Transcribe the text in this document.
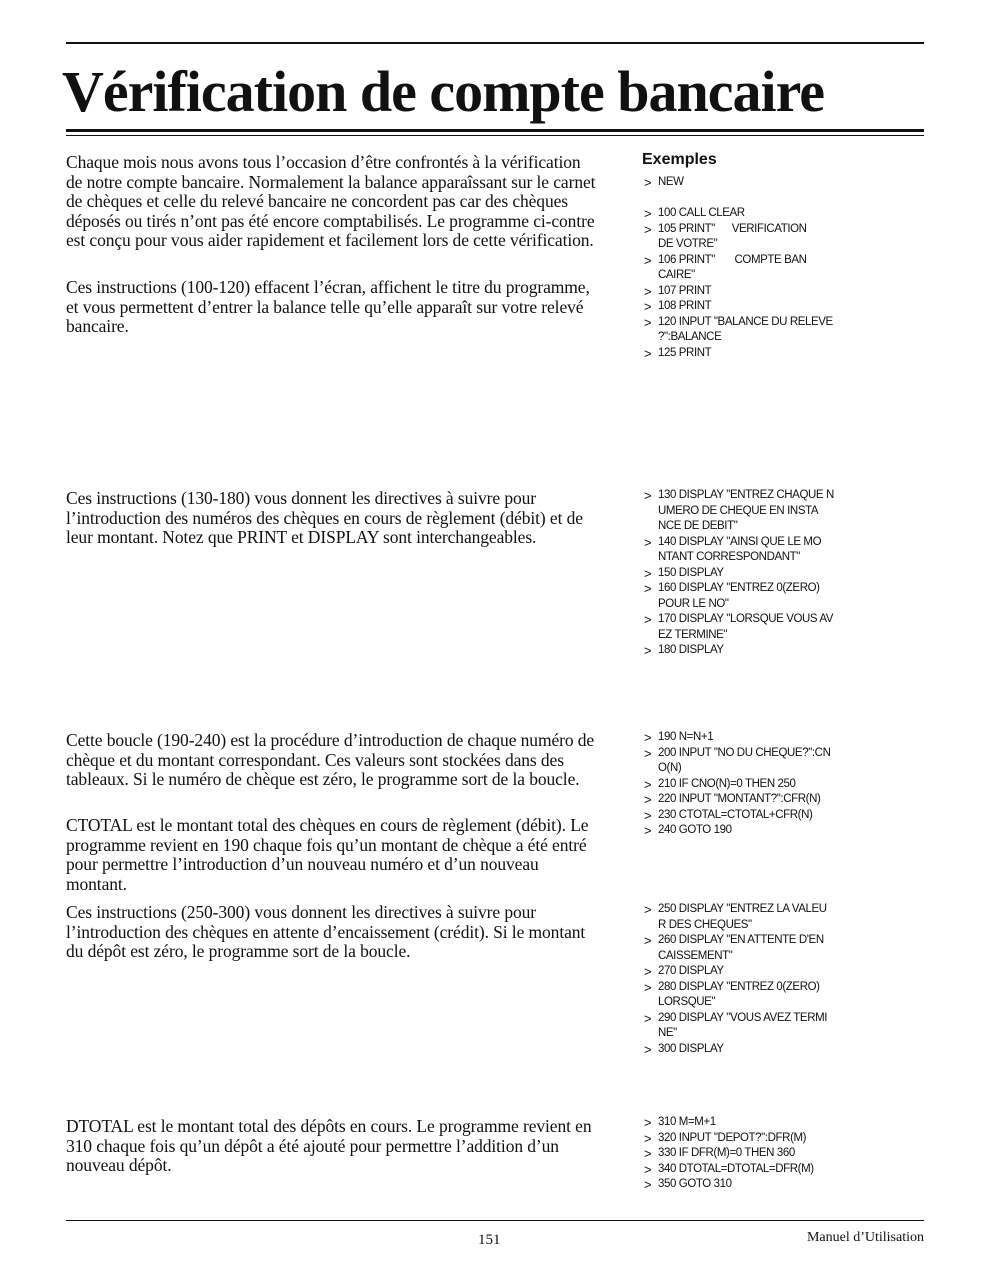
Vérification de compte bancaire

Chaque mois nous avons tous l’occasion d’être confrontés à la vérification de notre compte bancaire. Normalement la balance apparaîssant sur le carnet de chèques et celle du relevé bancaire ne concordent pas car des chèques déposés ou tirés n’ont pas été encore comptabilisés. Le programme ci-contre est conçu pour vous aider rapidement et facilement lors de cette vérification.

Ces instructions (100-120) effacent l’écran, affichent le titre du programme, et vous permettent d’entrer la balance telle qu’elle apparaît sur votre relevé bancaire.

Ces instructions (130-180) vous donnent les directives à suivre pour l’introduction des numéros des chèques en cours de règlement (débit) et de leur montant. Notez que PRINT et DISPLAY sont interchangeables.

Cette boucle (190-240) est la procédure d’introduction de chaque numéro de chèque et du montant correspondant. Ces valeurs sont stockées dans des tableaux. Si le numéro de chèque est zéro, le programme sort de la boucle.

CTOTAL est le montant total des chèques en cours de règlement (débit). Le programme revient en 190 chaque fois qu’un montant de chèque a été entré pour permettre l’introduction d’un nouveau numéro et d’un nouveau montant.

Ces instructions (250-300) vous donnent les directives à suivre pour l’introduction des chèques en attente d’encaissement (crédit). Si le montant du dépôt est zéro, le programme sort de la boucle.

DTOTAL est le montant total des dépôts en cours. Le programme revient en 310 chaque fois qu’un dépôt a été ajouté pour permettre l’addition d’un nouveau dépôt.

Exemples
> NEW
> 100 CALL CLEAR
> 105 PRINT"      VERIFICATION
DE VOTRE"
> 106 PRINT"       COMPTE BAN
CAIRE"
> 107 PRINT
> 108 PRINT
> 120 INPUT "BALANCE DU RELEVE
?":BALANCE
> 125 PRINT
> 130 DISPLAY "ENTREZ CHAQUE N
UMERO DE CHEQUE EN INSTA
NCE DE DEBIT"
> 140 DISPLAY "AINSI QUE LE MO
NTANT CORRESPONDANT"
> 150 DISPLAY
> 160 DISPLAY "ENTREZ 0(ZERO)
POUR LE NO"
> 170 DISPLAY "LORSQUE VOUS AV
EZ TERMINE"
> 180 DISPLAY
> 190 N=N+1
> 200 INPUT "NO DU CHEQUE?":CN
O(N)
> 210 IF CNO(N)=0 THEN 250
> 220 INPUT "MONTANT?":CFR(N)
> 230 CTOTAL=CTOTAL+CFR(N)
> 240 GOTO 190
> 250 DISPLAY "ENTREZ LA VALEU
R DES CHEQUES"
> 260 DISPLAY "EN ATTENTE D'EN
CAISSEMENT"
> 270 DISPLAY
> 280 DISPLAY "ENTREZ 0(ZERO)
LORSQUE"
> 290 DISPLAY "VOUS AVEZ TERMI
NE"
> 300 DISPLAY
> 310 M=M+1
> 320 INPUT "DEPOT?":DFR(M)
> 330 IF DFR(M)=0 THEN 360
> 340 DTOTAL=DTOTAL=DFR(M)
> 350 GOTO 310
151	Manuel d’Utilisation
